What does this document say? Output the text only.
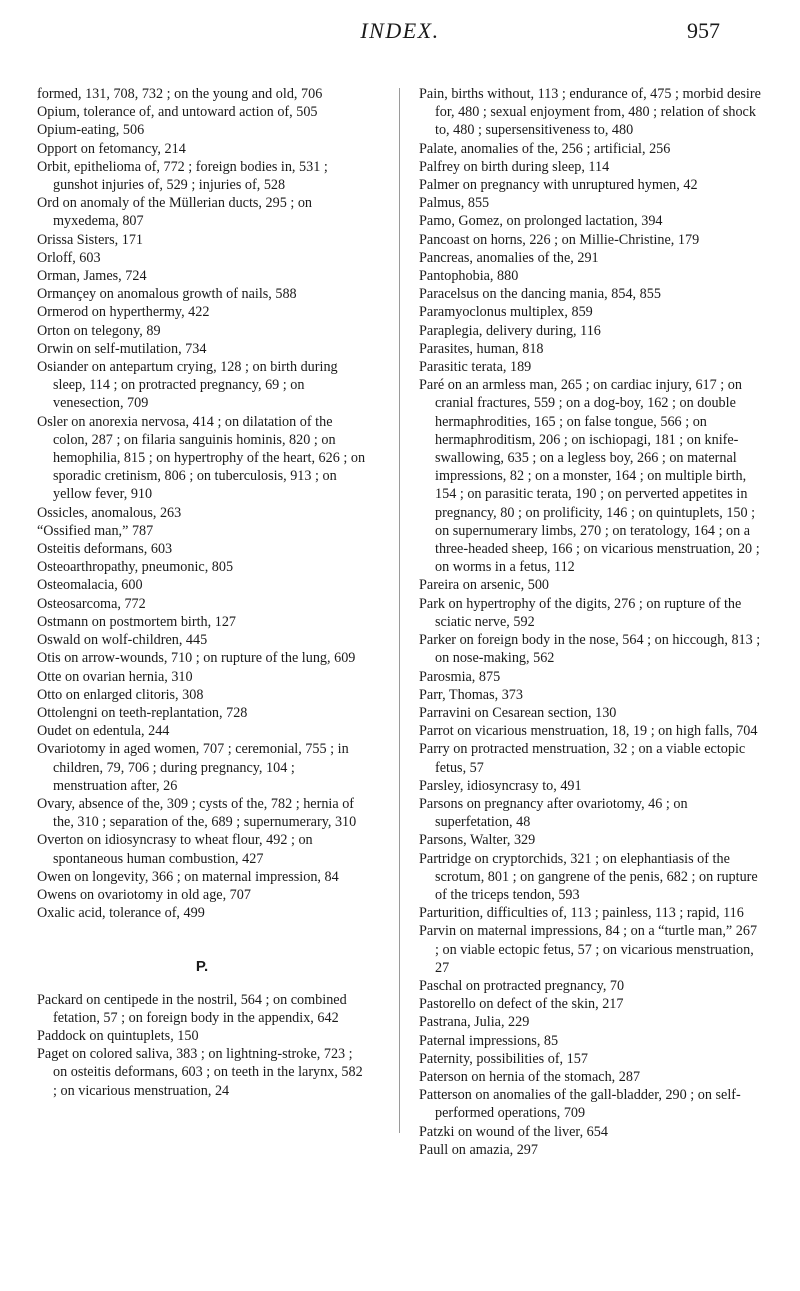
INDEX.	957

formed, 131, 708, 732 ; on the young and old, 706

Opium, tolerance of, and untoward action of, 505

Opium-eating, 506

Opport on fetomancy, 214

Orbit, epithelioma of, 772 ; foreign bodies in, 531 ; gunshot injuries of, 529 ; injuries of, 528

Ord on anomaly of the Müllerian ducts, 295 ; on myxedema, 807

Orissa Sisters, 171

Orloff, 603

Orman, James, 724

Ormançey on anomalous growth of nails, 588

Ormerod on hyperthermy, 422

Orton on telegony, 89

Orwin on self-mutilation, 734

Osiander on antepartum crying, 128 ; on birth during sleep, 114 ; on protracted pregnancy, 69 ; on venesection, 709

Osler on anorexia nervosa, 414 ; on dilatation of the colon, 287 ; on filaria sanguinis hominis, 820 ; on hemophilia, 815 ; on hypertrophy of the heart, 626 ; on sporadic cretinism, 806 ; on tuberculosis, 913 ; on yellow fever, 910

Ossicles, anomalous, 263

“Ossified man,” 787

Osteitis deformans, 603

Osteoarthropathy, pneumonic, 805

Osteomalacia, 600

Osteosarcoma, 772

Ostmann on postmortem birth, 127

Oswald on wolf-children, 445

Otis on arrow-wounds, 710 ; on rupture of the lung, 609

Otte on ovarian hernia, 310

Otto on enlarged clitoris, 308

Ottolengni on teeth-replantation, 728

Oudet on edentula, 244

Ovariotomy in aged women, 707 ; ceremonial, 755 ; in children, 79, 706 ; during pregnancy, 104 ; menstruation after, 26

Ovary, absence of the, 309 ; cysts of the, 782 ; hernia of the, 310 ; separation of the, 689 ; supernumerary, 310

Overton on idiosyncrasy to wheat flour, 492 ; on spontaneous human combustion, 427

Owen on longevity, 366 ; on maternal impression, 84

Owens on ovariotomy in old age, 707

Oxalic acid, tolerance of, 499

P.

Packard on centipede in the nostril, 564 ; on combined fetation, 57 ; on foreign body in the appendix, 642

Paddock on quintuplets, 150

Paget on colored saliva, 383 ; on lightning-stroke, 723 ; on osteitis deformans, 603 ; on teeth in the larynx, 582 ; on vicarious menstruation, 24

Pain, births without, 113 ; endurance of, 475 ; morbid desire for, 480 ; sexual enjoyment from, 480 ; relation of shock to, 480 ; supersensitiveness to, 480

Palate, anomalies of the, 256 ; artificial, 256

Palfrey on birth during sleep, 114

Palmer on pregnancy with unruptured hymen, 42

Palmus, 855

Pamo, Gomez, on prolonged lactation, 394

Pancoast on horns, 226 ; on Millie-Christine, 179

Pancreas, anomalies of the, 291

Pantophobia, 880

Paracelsus on the dancing mania, 854, 855

Paramyoclonus multiplex, 859

Paraplegia, delivery during, 116

Parasites, human, 818

Parasitic terata, 189

Paré on an armless man, 265 ; on cardiac injury, 617 ; on cranial fractures, 559 ; on a dog-boy, 162 ; on double hermaphrodities, 165 ; on false tongue, 566 ; on hermaphroditism, 206 ; on ischiopagi, 181 ; on knife-swallowing, 635 ; on a legless boy, 266 ; on maternal impressions, 82 ; on a monster, 164 ; on multiple birth, 154 ; on parasitic terata, 190 ; on perverted appetites in pregnancy, 80 ; on prolificity, 146 ; on quintuplets, 150 ; on supernumerary limbs, 270 ; on teratology, 164 ; on a three-headed sheep, 166 ; on vicarious menstruation, 20 ; on worms in a fetus, 112

Pareira on arsenic, 500

Park on hypertrophy of the digits, 276 ; on rupture of the sciatic nerve, 592

Parker on foreign body in the nose, 564 ; on hiccough, 813 ; on nose-making, 562

Parosmia, 875

Parr, Thomas, 373

Parravini on Cesarean section, 130

Parrot on vicarious menstruation, 18, 19 ; on high falls, 704

Parry on protracted menstruation, 32 ; on a viable ectopic fetus, 57

Parsley, idiosyncrasy to, 491

Parsons on pregnancy after ovariotomy, 46 ; on superfetation, 48

Parsons, Walter, 329

Partridge on cryptorchids, 321 ; on elephantiasis of the scrotum, 801 ; on gangrene of the penis, 682 ; on rupture of the triceps tendon, 593

Parturition, difficulties of, 113 ; painless, 113 ; rapid, 116

Parvin on maternal impressions, 84 ; on a “turtle man,” 267 ; on viable ectopic fetus, 57 ; on vicarious menstruation, 27

Paschal on protracted pregnancy, 70

Pastorello on defect of the skin, 217

Pastrana, Julia, 229

Paternal impressions, 85

Paternity, possibilities of, 157

Paterson on hernia of the stomach, 287

Patterson on anomalies of the gall-bladder, 290 ; on self-performed operations, 709

Patzki on wound of the liver, 654

Paull on amazia, 297
